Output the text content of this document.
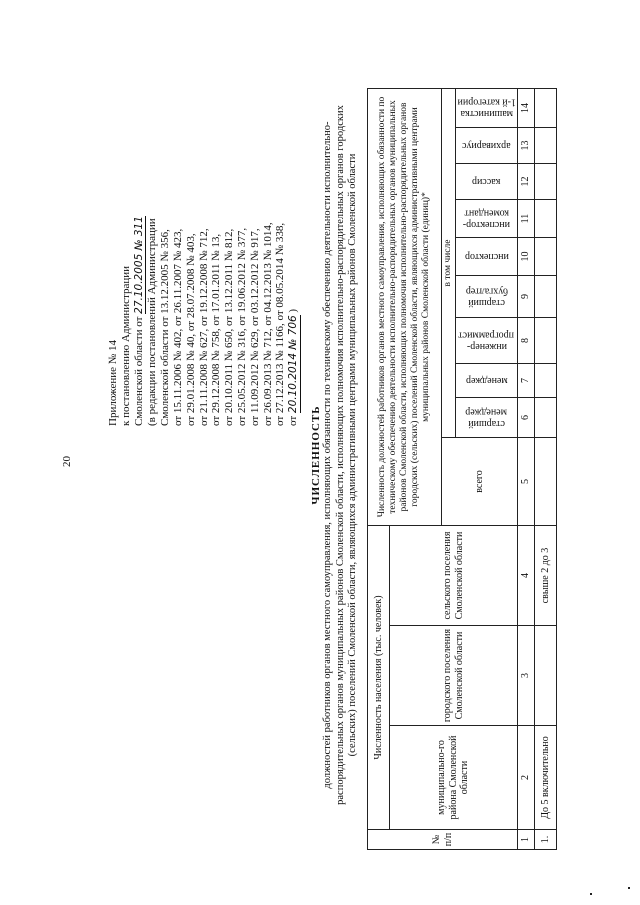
20
Приложение № 14 к постановлению Администрации Смоленской области от 27.10.2005 № 311 (в редакции постановлений Администрации Смоленской области от 13.12.2005 № 356, от 15.11.2006 № 402, от 26.11.2007 № 423, от 29.01.2008 № 40, от 28.07.2008 № 403, от 21.11.2008 № 627, от 19.12.2008 № 712, от 29.12.2008 № 758, от 17.01.2011 № 13, от 20.10.2011 № 650, от 13.12.2011 № 812, от 25.05.2012 № 316, от 19.06.2012 № 377, от 11.09.2012 № 629, от 03.12.2012 № 917, от 26.09.2013 № 712, от 04.12.2013 № 1014, от 27.12.2013 № 1166, от 08.05.2014 № 338, от 20.10.2014 № 706 )
ЧИСЛЕННОСТЬ должностей работников органов местного самоуправления, исполняющих обязанности по техническому обеспечению деятельности исполнительно- распорядительных органов муниципальных районов Смоленской области, исполняющих полномочия исполнительно-распорядительных органов городских (сельских) поселений Смоленской области, являющихся административными центрами муниципальных районов Смоленской области
№ п/п
Численность населения (тыс. человек)
муниципально-го района Смоленской области
городского поселения Смоленской области
сельского поселения Смоленской области
Численность должностей работников органов местного самоуправления, исполняющих обязанности по техническому обеспечению деятельности исполнительно-распорядительных органов муниципальных районов Смоленской области, исполняющих полномочия исполнительно-распорядительных органов городских (сельских) поселений Смоленской области, являющихся административными центрами муниципальных районов Смоленской области (единиц)*
всего
в том числе
старший менеджер
менеджер
инженер-программист
старший бухгалтер
инспектор
инспектор-комендант
кассир
архивариус
машинистка 1-й категории
1
2
3
4
5
6
7
8
9
10
11
12
13
14
1.
До 5 включительно
свыше 2 до 3
